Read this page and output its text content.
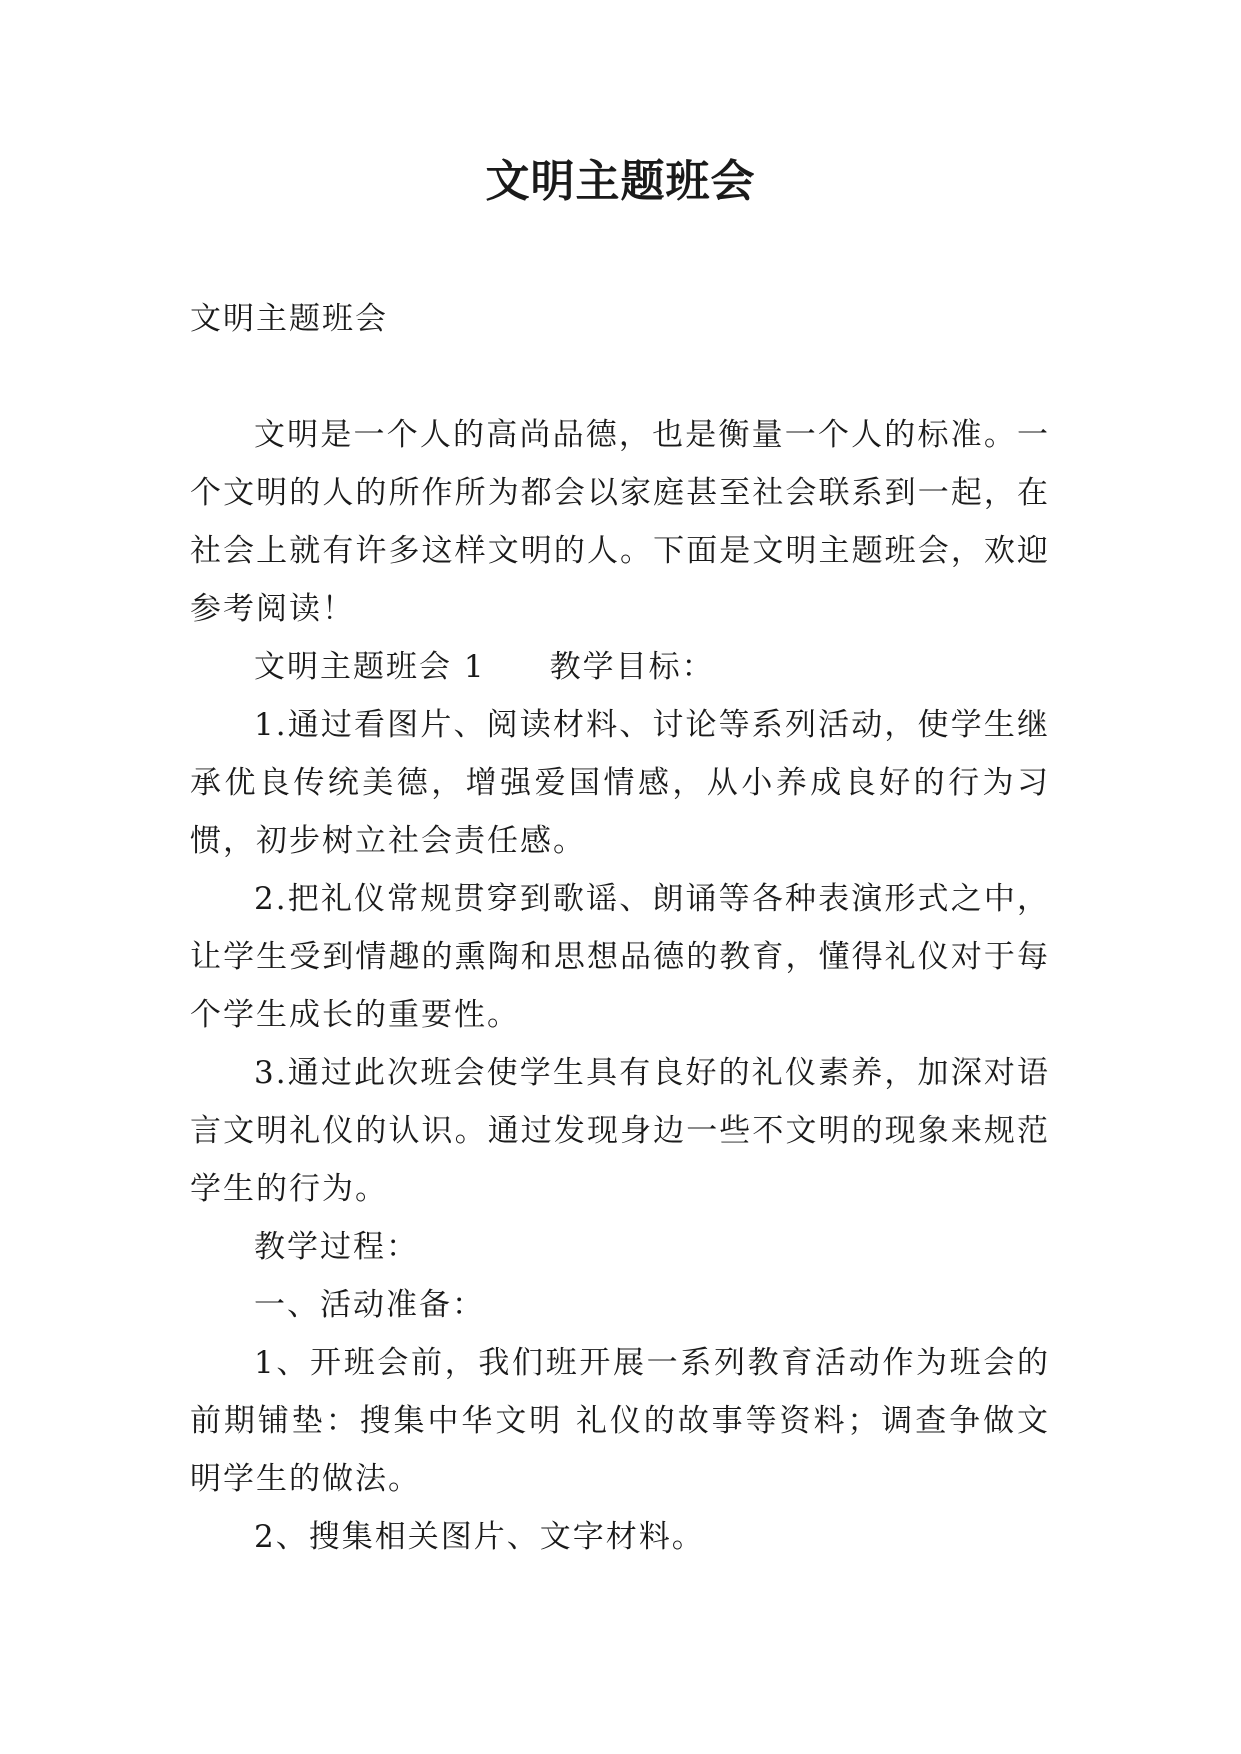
文明主题班会

文明主题班会

文明是一个人的高尚品德，也是衡量一个人的标准。一个文明的人的所作所为都会以家庭甚至社会联系到一起，在社会上就有许多这样文明的人。下面是文明主题班会，欢迎参考阅读！

文明主题班会 1 教学目标：

1.通过看图片、阅读材料、讨论等系列活动，使学生继承优良传统美德，增强爱国情感，从小养成良好的行为习惯，初步树立社会责任感。

2.把礼仪常规贯穿到歌谣、朗诵等各种表演形式之中，让学生受到情趣的熏陶和思想品德的教育，懂得礼仪对于每个学生成长的重要性。

3.通过此次班会使学生具有良好的礼仪素养，加深对语言文明礼仪的认识。通过发现身边一些不文明的现象来规范学生的行为。

教学过程：

一、活动准备：

1、开班会前，我们班开展一系列教育活动作为班会的前期铺垫：搜集中华文明 礼仪的故事等资料；调查争做文明学生的做法。

2、搜集相关图片、文字材料。
